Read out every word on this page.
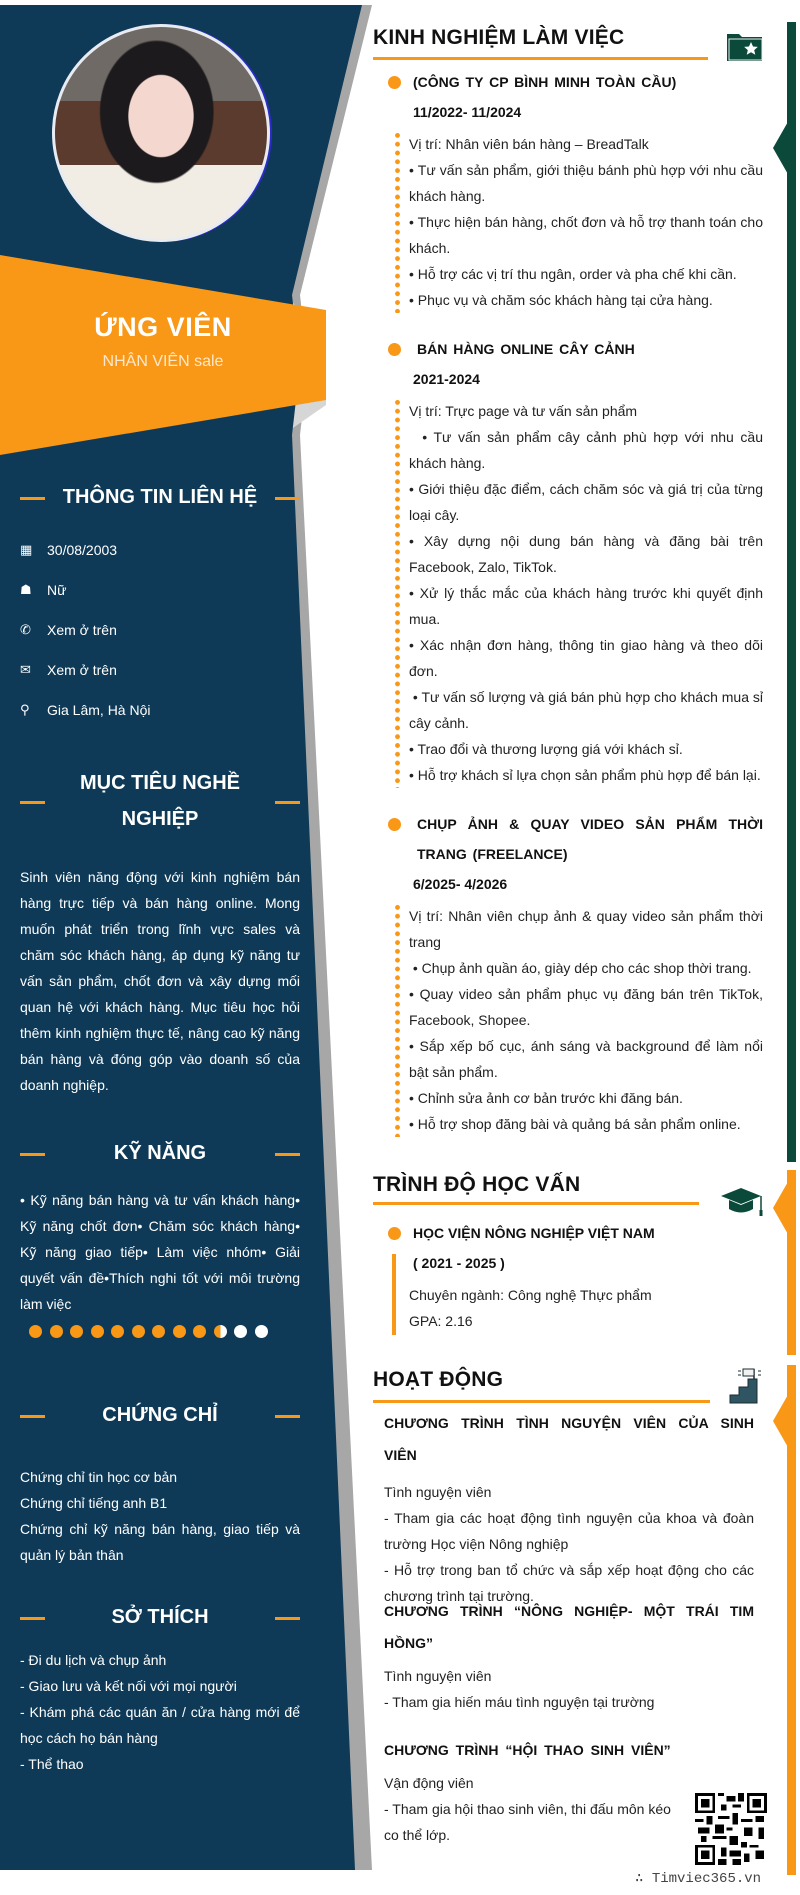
ỨNG VIÊN
NHÂN VIÊN sale
THÔNG TIN LIÊN HỆ
▦	30/08/2003
☗	Nữ
✆	Xem ở trên
✉	Xem ở trên
⚲	Gia Lâm, Hà Nội
MỤC TIÊU NGHỀ
NGHIỆP
Sinh viên năng động với kinh nghiệm bán hàng trực tiếp và bán hàng online. Mong muốn phát triển trong lĩnh vực sales và chăm sóc khách hàng, áp dụng kỹ năng tư vấn sản phẩm, chốt đơn và xây dựng mối quan hệ với khách hàng. Mục tiêu học hỏi thêm kinh nghiệm thực tế, nâng cao kỹ năng bán hàng và đóng góp vào doanh số của doanh nghiệp.
KỸ NĂNG
• Kỹ năng bán hàng và tư vấn khách hàng• Kỹ năng chốt đơn• Chăm sóc khách hàng• Kỹ năng giao tiếp• Làm việc nhóm• Giải quyết vấn đề•Thích nghi tốt với môi trường làm việc
CHỨNG CHỈ
Chứng chỉ tin học cơ bản
Chứng chỉ tiếng anh B1
Chứng chỉ kỹ năng bán hàng, giao tiếp và quản lý bản thân
SỞ THÍCH
- Đi du lịch và chụp ảnh
- Giao lưu và kết nối với mọi người
- Khám phá các quán ăn / cửa hàng mới để học cách họ bán hàng
- Thể thao
KINH NGHIỆM LÀM VIỆC
(CÔNG TY CP BÌNH MINH TOÀN CẦU)
11/2022- 11/2024
Vị trí: Nhân viên bán hàng – BreadTalk
• Tư vấn sản phẩm, giới thiệu bánh phù hợp với nhu cầu khách hàng.
• Thực hiện bán hàng, chốt đơn và hỗ trợ thanh toán cho khách.
• Hỗ trợ các vị trí thu ngân, order và pha chế khi cần.
• Phục vụ và chăm sóc khách hàng tại cửa hàng.
BÁN HÀNG ONLINE CÂY CẢNH
2021-2024
Vị trí: Trực page và tư vấn sản phẩm
• Tư vấn sản phẩm cây cảnh phù hợp với nhu cầu khách hàng.
• Giới thiệu đặc điểm, cách chăm sóc và giá trị của từng loại cây.
• Xây dựng nội dung bán hàng và đăng bài trên Facebook, Zalo, TikTok.
• Xử lý thắc mắc của khách hàng trước khi quyết định mua.
• Xác nhận đơn hàng, thông tin giao hàng và theo dõi đơn.
• Tư vấn số lượng và giá bán phù hợp cho khách mua sỉ cây cảnh.
• Trao đổi và thương lượng giá với khách sỉ.
• Hỗ trợ khách sỉ lựa chọn sản phẩm phù hợp để bán lại.
CHỤP ẢNH & QUAY VIDEO SẢN PHẨM THỜI TRANG (FREELANCE)
6/2025- 4/2026
Vị trí: Nhân viên chụp ảnh & quay video sản phẩm thời trang
• Chụp ảnh quần áo, giày dép cho các shop thời trang.
• Quay video sản phẩm phục vụ đăng bán trên TikTok, Facebook, Shopee.
• Sắp xếp bố cục, ánh sáng và background để làm nổi bật sản phẩm.
• Chỉnh sửa ảnh cơ bản trước khi đăng bán.
• Hỗ trợ shop đăng bài và quảng bá sản phẩm online.
TRÌNH ĐỘ HỌC VẤN
HỌC VIỆN NÔNG NGHIỆP VIỆT NAM
( 2021 - 2025 )
Chuyên ngành: Công nghệ Thực phẩm
GPA: 2.16
HOẠT ĐỘNG
CHƯƠNG TRÌNH TÌNH NGUYỆN VIÊN CỦA SINH VIÊN
Tình nguyện viên
- Tham gia các hoạt động tình nguyện của khoa và đoàn trường Học viện Nông nghiệp
- Hỗ trợ trong ban tổ chức và sắp xếp hoạt động cho các chương trình tại trường.
CHƯƠNG TRÌNH “NÔNG NGHIỆP- MỘT TRÁI TIM HỒNG”
Tình nguyện viên
- Tham gia hiến máu tình nguyện tại trường
CHƯƠNG TRÌNH “HỘI THAO SINH VIÊN”
Vận động viên
- Tham gia hội thao sinh viên, thi đấu môn kéo co thể lớp.
∴ Timviec365.vn
